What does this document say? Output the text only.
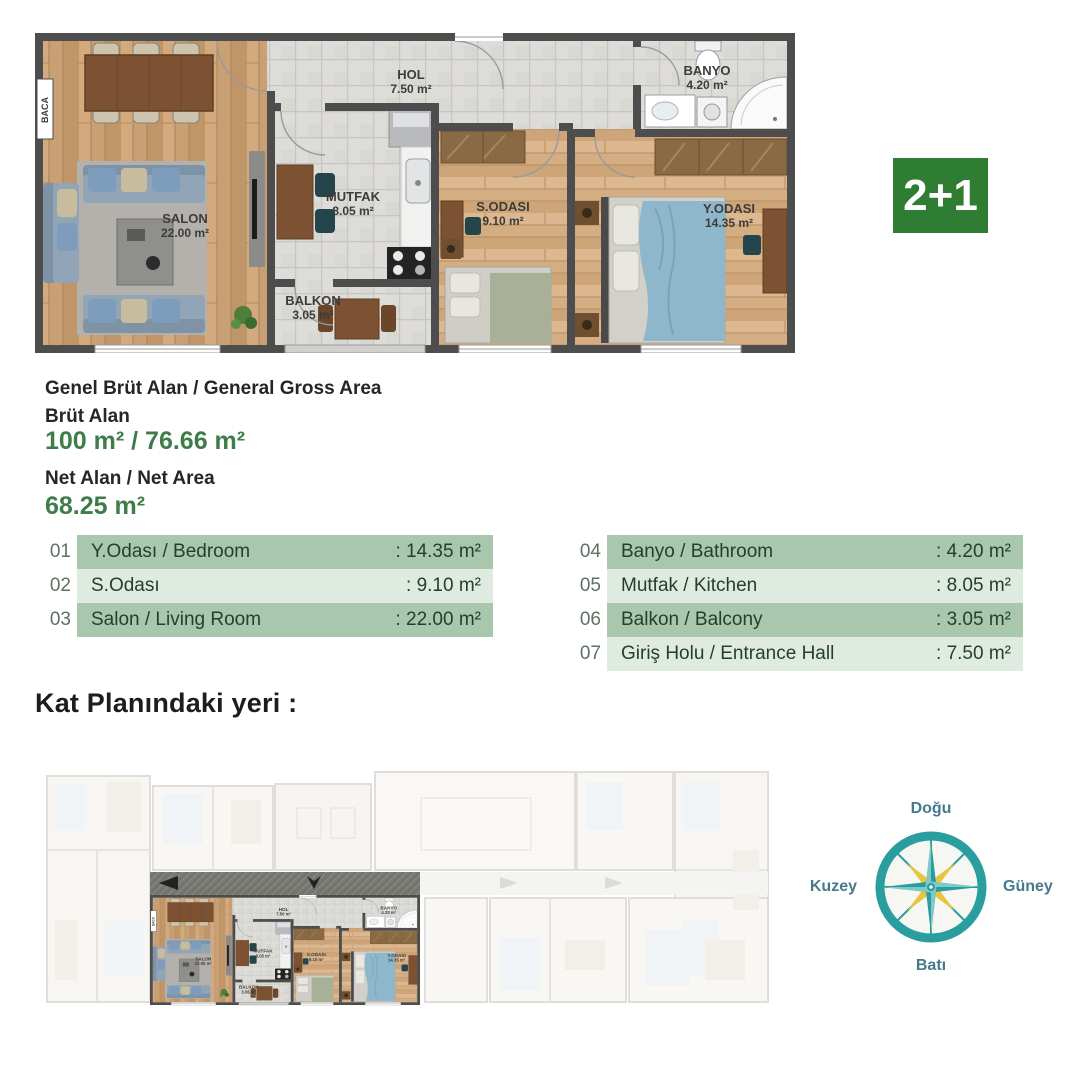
BACA
SALON
22.00 m²
MUTFAK
8.05 m²
HOL
7.50 m²
BALKON
3.05 m²
S.ODASI
9.10 m²
Y.ODASI
14.35 m²
BANYO
4.20 m²
2+1
Genel Brüt Alan / General Gross Area
Brüt Alan
100 m² / 76.66 m²
Net Alan / Net Area
68.25 m²
01	Y.Odası / Bedroom	: 14.35 m²
02	S.Odası	: 9.10 m²
03	Salon / Living Room	: 22.00 m²
04	Banyo / Bathroom	: 4.20 m²
05	Mutfak / Kitchen	: 8.05 m²
06	Balkon / Balcony	: 3.05 m²
07	Giriş Holu / Entrance Hall	: 7.50 m²
Kat Planındaki yeri :
Doğu
Kuzey	Güney
Batı
